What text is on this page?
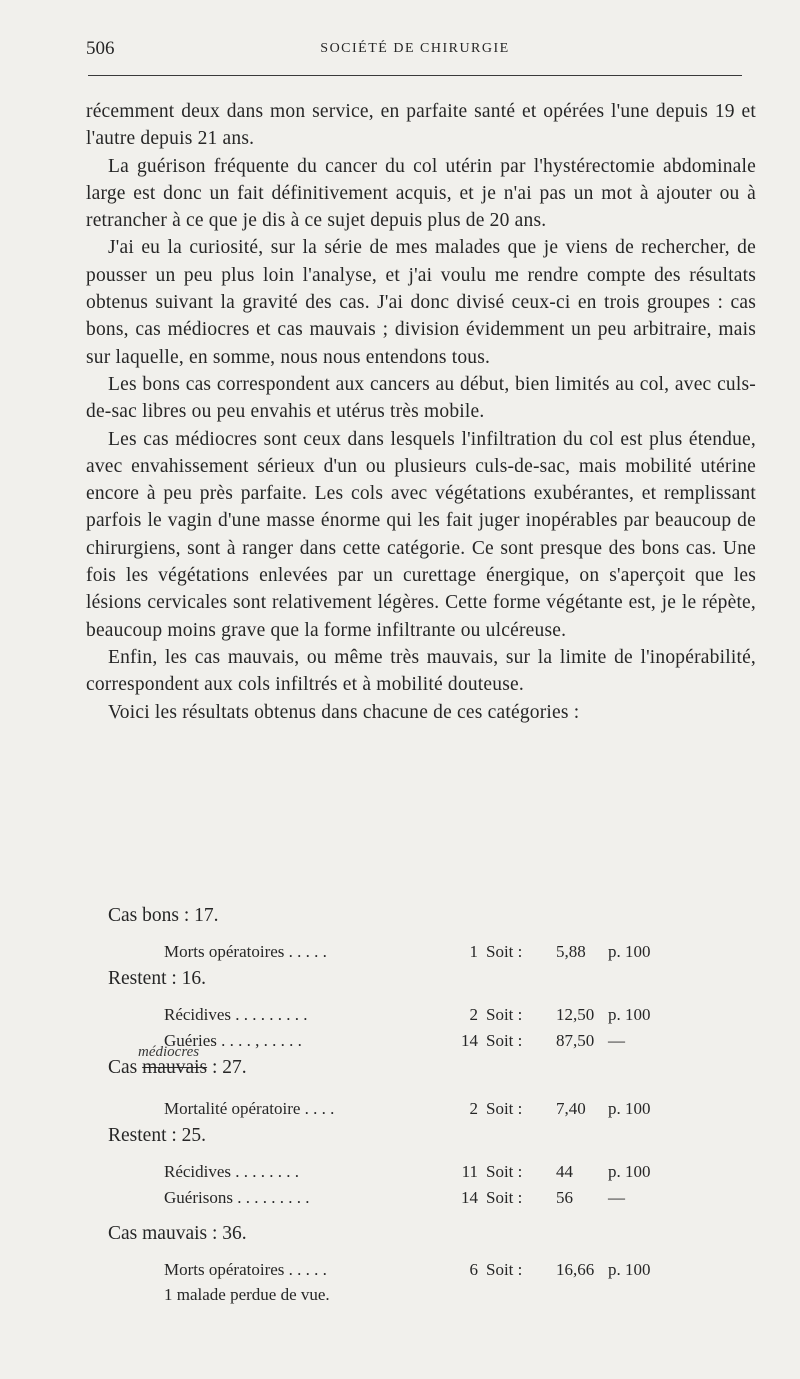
506	SOCIÉTÉ DE CHIRURGIE

récemment deux dans mon service, en parfaite santé et opérées l'une depuis 19 et l'autre depuis 21 ans.

La guérison fréquente du cancer du col utérin par l'hystérectomie abdominale large est donc un fait définitivement acquis, et je n'ai pas un mot à ajouter ou à retrancher à ce que je dis à ce sujet depuis plus de 20 ans.

J'ai eu la curiosité, sur la série de mes malades que je viens de rechercher, de pousser un peu plus loin l'analyse, et j'ai voulu me rendre compte des résultats obtenus suivant la gravité des cas. J'ai donc divisé ceux-ci en trois groupes : cas bons, cas médiocres et cas mauvais ; division évidemment un peu arbitraire, mais sur laquelle, en somme, nous nous entendons tous.

Les bons cas correspondent aux cancers au début, bien limités au col, avec culs-de-sac libres ou peu envahis et utérus très mobile.

Les cas médiocres sont ceux dans lesquels l'infiltration du col est plus étendue, avec envahissement sérieux d'un ou plusieurs culs-de-sac, mais mobilité utérine encore à peu près parfaite. Les cols avec végétations exubérantes, et remplissant parfois le vagin d'une masse énorme qui les fait juger inopérables par beaucoup de chirurgiens, sont à ranger dans cette catégorie. Ce sont presque des bons cas. Une fois les végétations enlevées par un curettage énergique, on s'aperçoit que les lésions cervicales sont relativement légères. Cette forme végétante est, je le répète, beaucoup moins grave que la forme infiltrante ou ulcéreuse.

Enfin, les cas mauvais, ou même très mauvais, sur la limite de l'inopérabilité, correspondent aux cols infiltrés et à mobilité douteuse.

Voici les résultats obtenus dans chacune de ces catégories :

Cas bons : 17.
Morts opératoires . . . . .	1 Soit : 5,88 p. 100
Restent : 16.
Récidives . . . . . . . . .	2 Soit : 12,50 p. 100
Guéries . . . . , . . . . .	14 Soit : 87,50 —
médiocres
Cas mauvais : 27.
Mortalité opératoire . . . .	2 Soit : 7,40 p. 100
Restent : 25.
Récidives . . . . . . . .	11 Soit : 44 p. 100
Guérisons . . . . . . . . .	14 Soit : 56 —
Cas mauvais : 36.
Morts opératoires . . . . .	6 Soit : 16,66 p. 100
1 malade perdue de vue.
